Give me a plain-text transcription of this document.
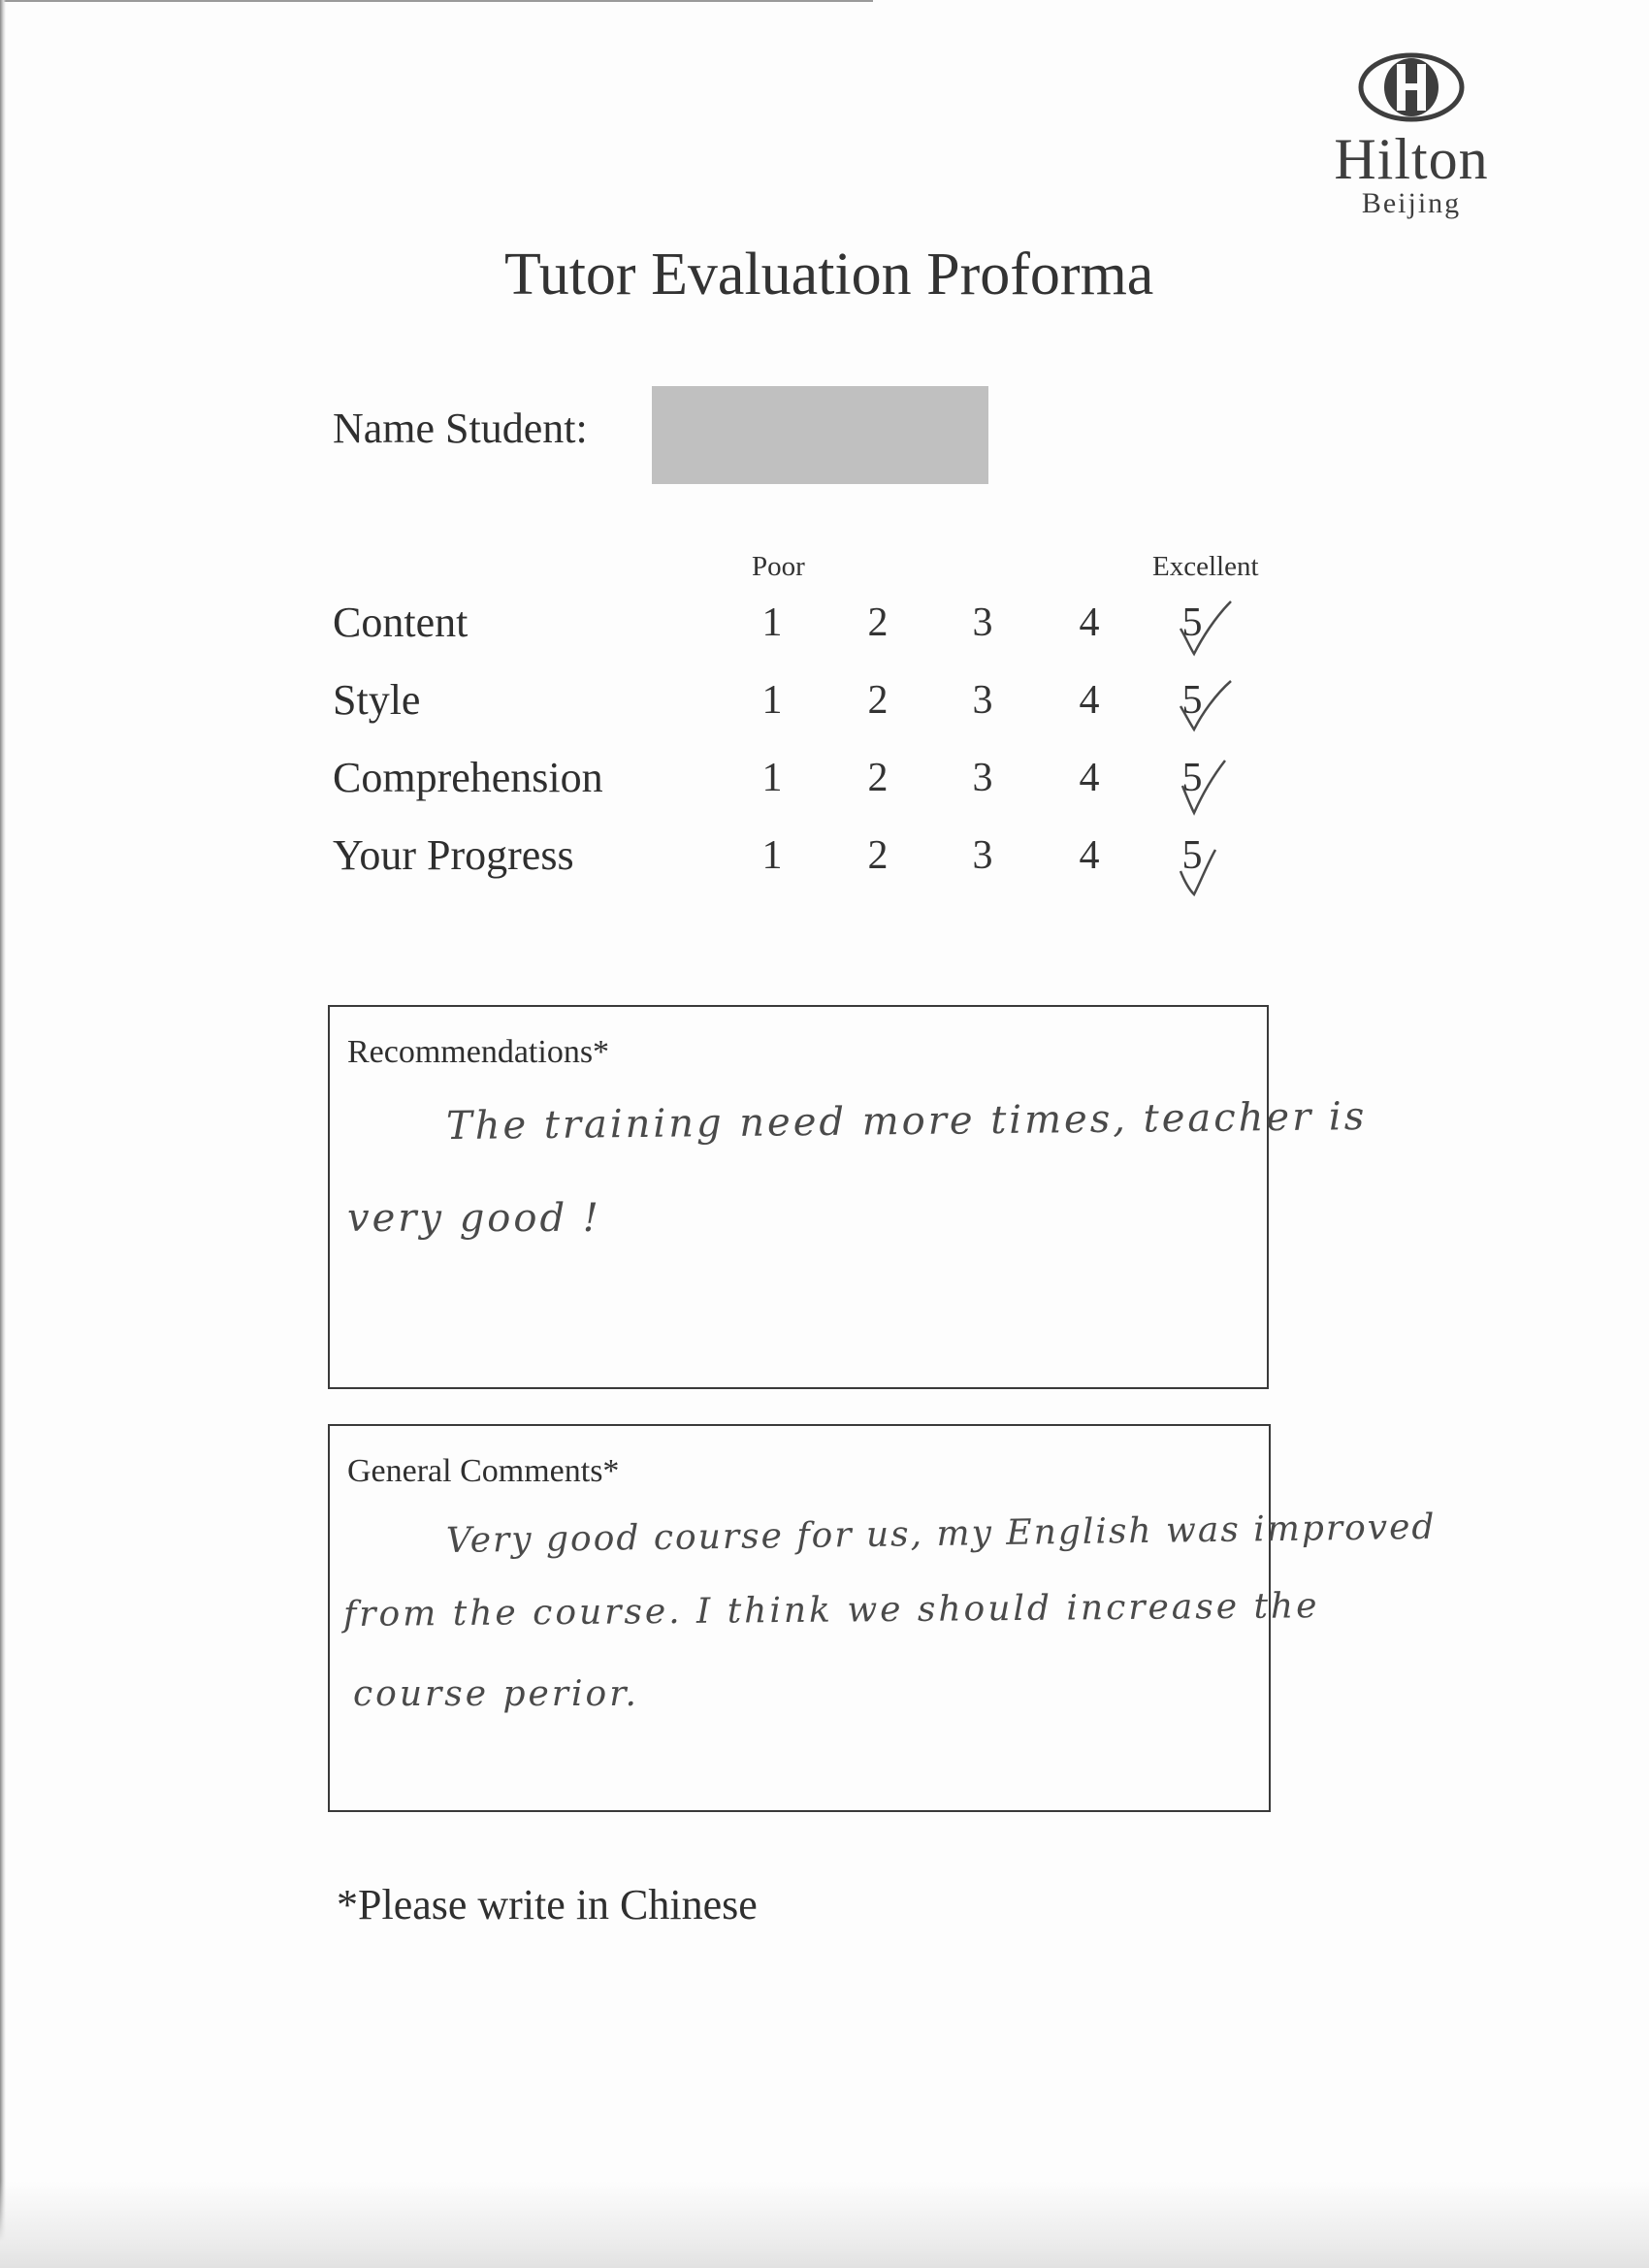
Hilton
Beijing
Tutor Evaluation Proforma
Name Student:
Poor	Excellent
Content	1 2 3 4 5
Style	1 2 3 4 5
Comprehension	1 2 3 4 5
Your Progress	1 2 3 4 5
Recommendations*
The training need more times, teacher is
very good !
General Comments*
Very good course for us, my English was improved
from the course. I think we should increase the
course perior.
*Please write in Chinese
